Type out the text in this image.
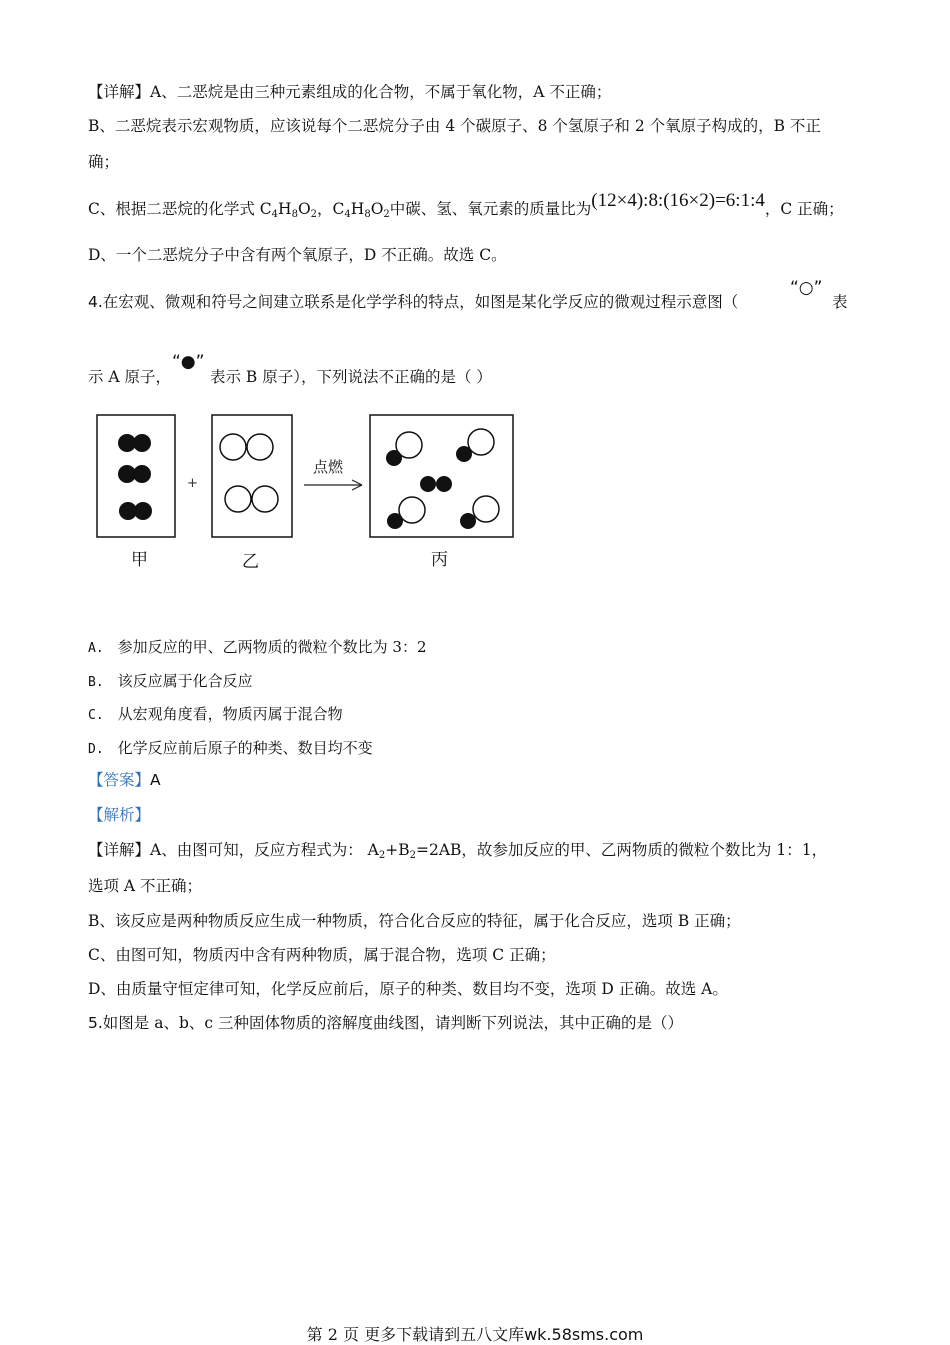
【详解】A、二恶烷是由三种元素组成的化合物，不属于氧化物，A 不正确；
B、二恶烷表示宏观物质，应该说每个二恶烷分子由 4 个碳原子、8 个氢原子和 2 个氧原子构成的，B 不正
确；
C、根据二恶烷的化学式 $C_4H_8O_2$，$C_4H_8O_2$中碳、氢、氧元素的质量比为(12×4):8:(16×2)=6:1:4，C 正确；
D、一个二恶烷分子中含有两个氧原子，D 不正确。故选 C。
4.在宏观、微观和符号之间建立联系是化学学科的特点，如图是某化学反应的微观过程示意图（
“○”
表
示 A 原子，
“●”
表示 B 原子），下列说法不正确的是（ ）
+
点燃
甲	乙	丙
A. 参加反应的甲、乙两物质的微粒个数比为 3：2
B. 该反应属于化合反应
C. 从宏观角度看，物质丙属于混合物
D. 化学反应前后原子的种类、数目均不变
【答案】A
【解析】
【详解】A、由图可知，反应方程式为： $A_2+B_2=2AB$，故参加反应的甲、乙两物质的微粒个数比为 1：1，
选项 A 不正确；
B、该反应是两种物质反应生成一种物质，符合化合反应的特征，属于化合反应，选项 B 正确；
C、由图可知，物质丙中含有两种物质，属于混合物，选项 C 正确；
D、由质量守恒定律可知，化学反应前后，原子的种类、数目均不变，选项 D 正确。故选 A。
5.如图是 a、b、c 三种固体物质的溶解度曲线图，请判断下列说法，其中正确的是（）
第 2 页 更多下载请到五八文库wk.58sms.com
